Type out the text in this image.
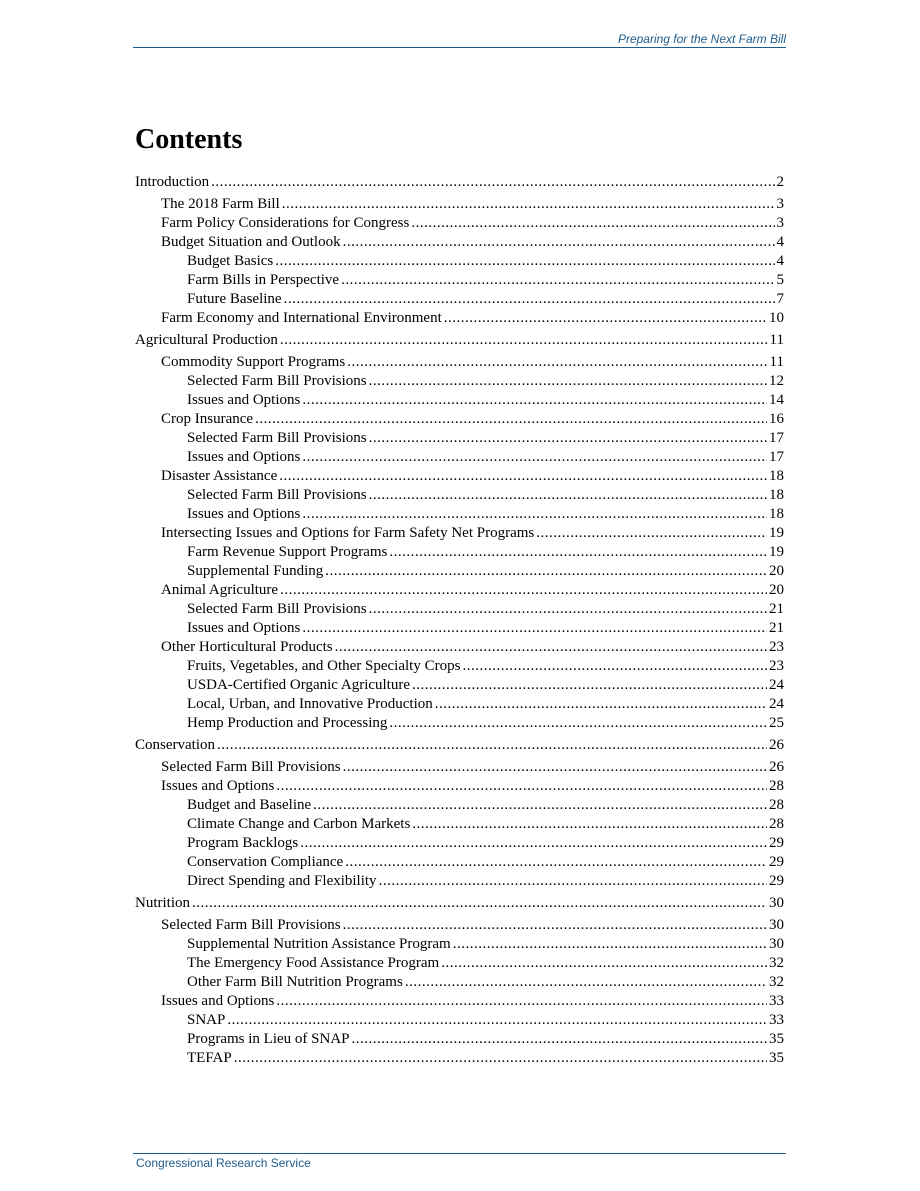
Preparing for the Next Farm Bill
Contents
Introduction .....	2
The 2018 Farm Bill .....	3
Farm Policy Considerations for Congress .....	3
Budget Situation and Outlook .....	4
Budget Basics .....	4
Farm Bills in Perspective .....	5
Future Baseline .....	7
Farm Economy and International Environment .....	10
Agricultural Production .....	11
Commodity Support Programs .....	11
Selected Farm Bill Provisions .....	12
Issues and Options .....	14
Crop Insurance .....	16
Selected Farm Bill Provisions .....	17
Issues and Options .....	17
Disaster Assistance .....	18
Selected Farm Bill Provisions .....	18
Issues and Options .....	18
Intersecting Issues and Options for Farm Safety Net Programs .....	19
Farm Revenue Support Programs .....	19
Supplemental Funding .....	20
Animal Agriculture .....	20
Selected Farm Bill Provisions .....	21
Issues and Options .....	21
Other Horticultural Products .....	23
Fruits, Vegetables, and Other Specialty Crops .....	23
USDA-Certified Organic Agriculture .....	24
Local, Urban, and Innovative Production .....	24
Hemp Production and Processing .....	25
Conservation .....	26
Selected Farm Bill Provisions .....	26
Issues and Options .....	28
Budget and Baseline .....	28
Climate Change and Carbon Markets .....	28
Program Backlogs .....	29
Conservation Compliance .....	29
Direct Spending and Flexibility .....	29
Nutrition .....	30
Selected Farm Bill Provisions .....	30
Supplemental Nutrition Assistance Program .....	30
The Emergency Food Assistance Program .....	32
Other Farm Bill Nutrition Programs .....	32
Issues and Options .....	33
SNAP .....	33
Programs in Lieu of SNAP .....	35
TEFAP .....	35
Congressional Research Service
